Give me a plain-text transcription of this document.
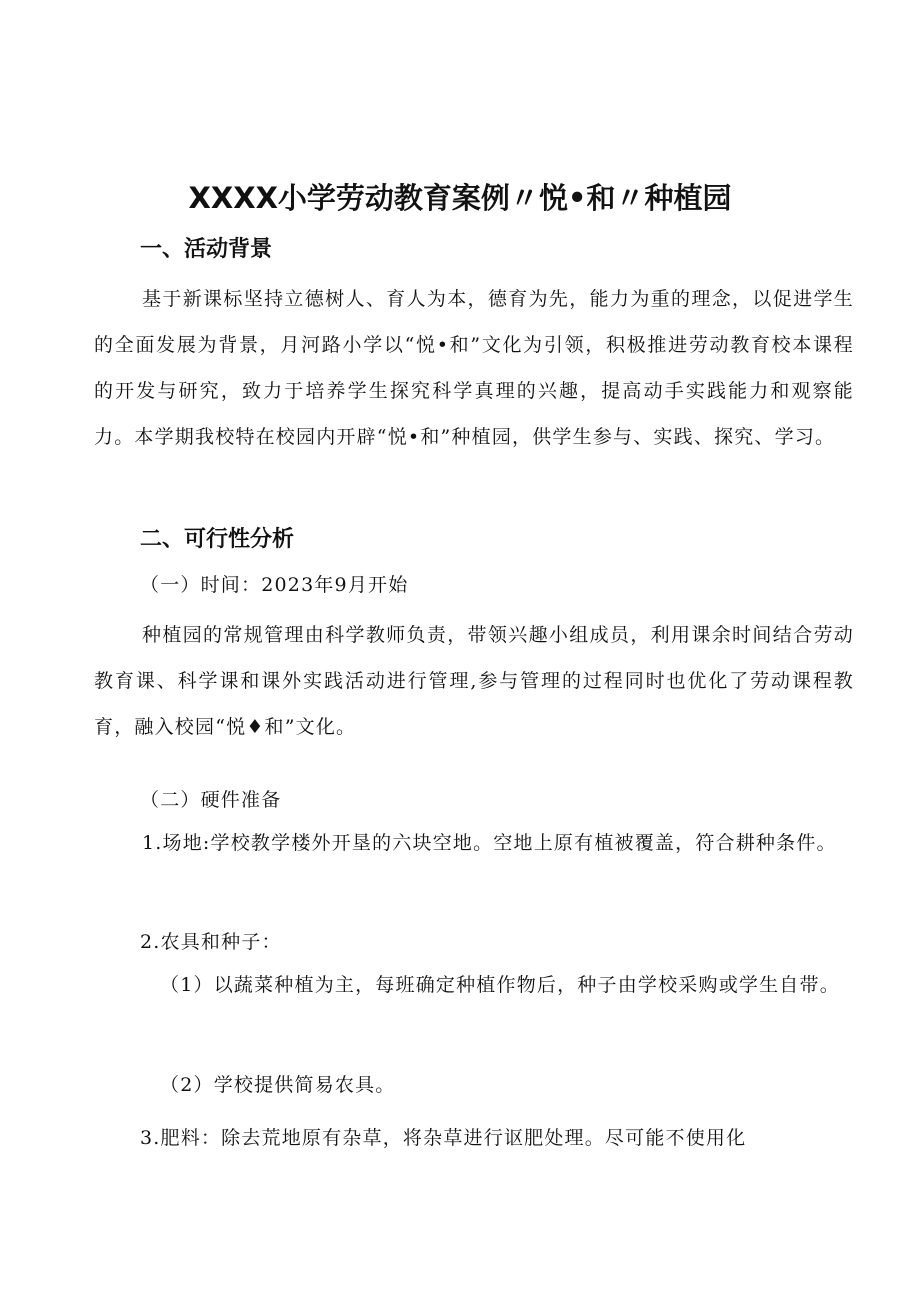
XXXX小学劳动教育案例〃悦•和〃种植园
一、活动背景
基于新课标坚持立德树人、育人为本，德育为先，能力为重的理念，以促进学生的全面发展为背景，月河路小学以“悦•和”文化为引领，积极推进劳动教育校本课程的开发与研究，致力于培养学生探究科学真理的兴趣，提高动手实践能力和观察能力。本学期我校特在校园内开辟“悦•和”种植园，供学生参与、实践、探究、学习。
二、可行性分析
（一）时间：2023年9月开始
种植园的常规管理由科学教师负责，带领兴趣小组成员，利用课余时间结合劳动教育课、科学课和课外实践活动进行管理,参与管理的过程同时也优化了劳动课程教育，融入校园“悦♦和”文化。
（二）硬件准备
1.场地:学校教学楼外开垦的六块空地。空地上原有植被覆盖，符合耕种条件。
2.农具和种子：
（1）以蔬菜种植为主，每班确定种植作物后，种子由学校采购或学生自带。
（2）学校提供简易农具。
3.肥料：除去荒地原有杂草，将杂草进行讴肥处理。尽可能不使用化
